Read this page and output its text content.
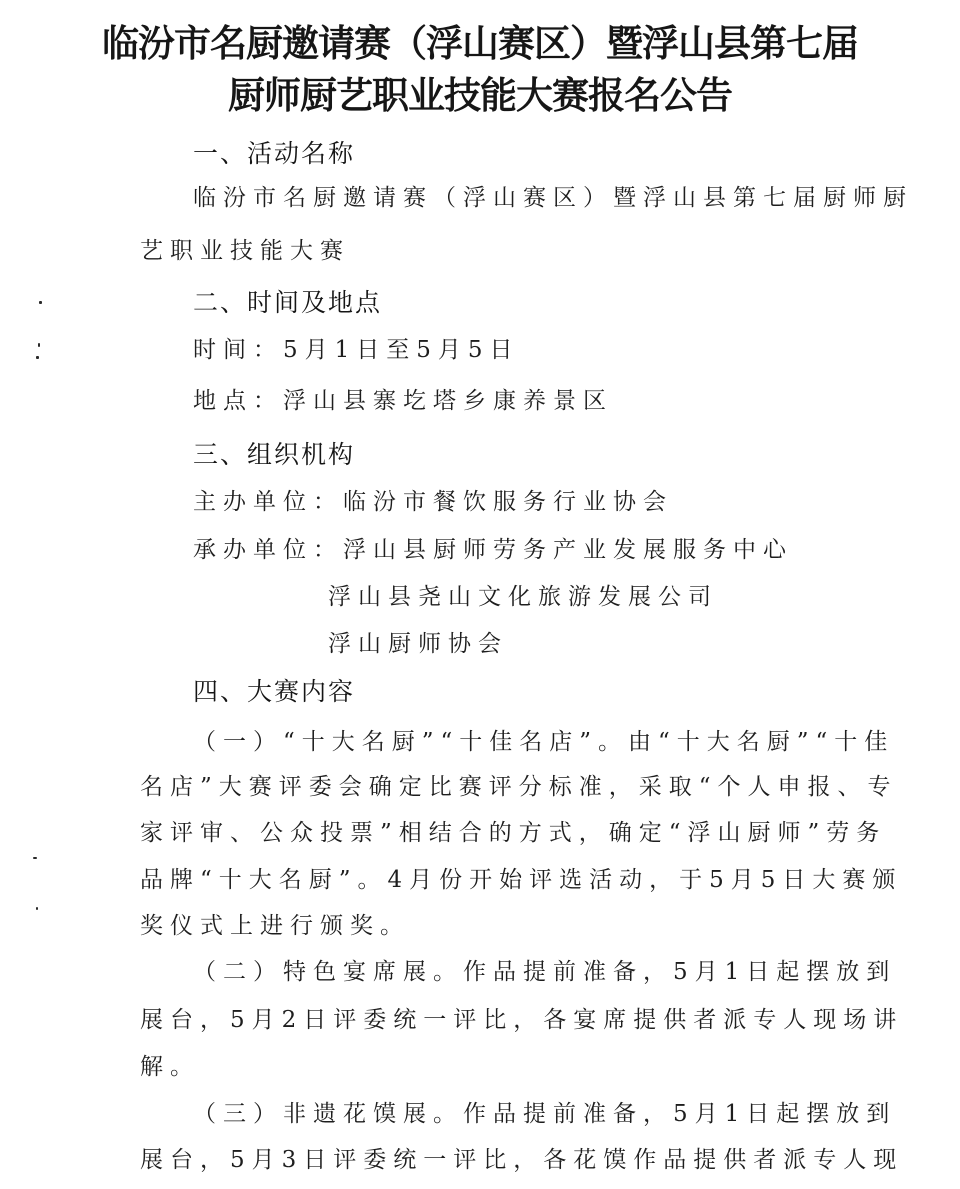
临汾市名厨邀请赛（浮山赛区）暨浮山县第七届
厨师厨艺职业技能大赛报名公告
一、活动名称
临汾市名厨邀请赛（浮山赛区）暨浮山县第七届厨师厨
艺职业技能大赛
二、时间及地点
时间：5月1日至5月5日
地点：浮山县寨圪塔乡康养景区
三、组织机构
主办单位：临汾市餐饮服务行业协会
承办单位：浮山县厨师劳务产业发展服务中心
浮山县尧山文化旅游发展公司
浮山厨师协会
四、大赛内容
（一）“十大名厨”“十佳名店”。由“十大名厨”“十佳
名店”大赛评委会确定比赛评分标准，采取“个人申报、专
家评审、公众投票”相结合的方式，确定“浮山厨师”劳务
品牌“十大名厨”。4月份开始评选活动，于5月5日大赛颁
奖仪式上进行颁奖。
（二）特色宴席展。作品提前准备，5月1日起摆放到
展台，5月2日评委统一评比，各宴席提供者派专人现场讲
解。
（三）非遗花馍展。作品提前准备，5月1日起摆放到
展台，5月3日评委统一评比，各花馍作品提供者派专人现
